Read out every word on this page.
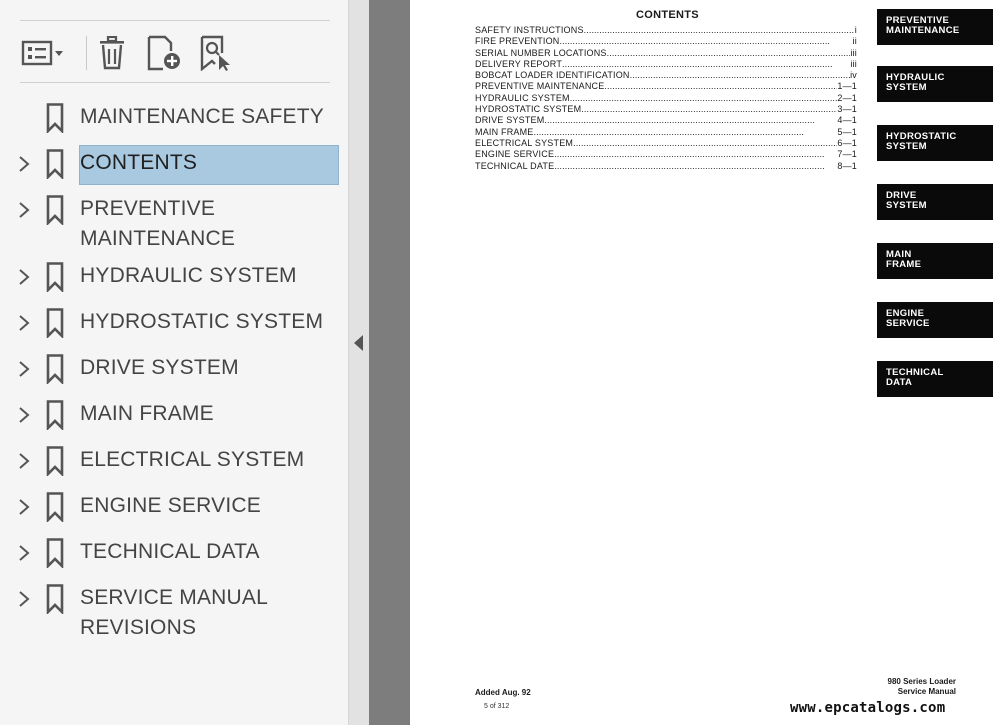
MAINTENANCE SAFETY
CONTENTS
PREVENTIVE
MAINTENANCE
HYDRAULIC SYSTEM
HYDROSTATIC SYSTEM
DRIVE SYSTEM
MAIN FRAME
ELECTRICAL SYSTEM
ENGINE SERVICE
TECHNICAL DATA
SERVICE MANUAL
REVISIONS
CONTENTS
SAFETY INSTRUCTIONS . . .	i
FIRE PREVENTION . . .	ii
SERIAL NUMBER LOCATIONS . . .	iii
DELIVERY REPORT . . .	iii
BOBCAT LOADER IDENTIFICATION . . .	iv
PREVENTIVE MAINTENANCE . . .	1—1
HYDRAULIC SYSTEM . . .	2—1
HYDROSTATIC SYSTEM . . .	3—1
DRIVE SYSTEM . . .	4—1
MAIN FRAME . . .	5—1
ELECTRICAL SYSTEM . . .	6—1
ENGINE SERVICE . . .	7—1
TECHNICAL DATE . . .	8—1
PREVENTIVE
MAINTENANCE
HYDRAULIC
SYSTEM
HYDROSTATIC
SYSTEM
DRIVE
SYSTEM
MAIN
FRAME
ENGINE
SERVICE
TECHNICAL
DATA
Added Aug. 92
5 of 312
980 Series Loader
Service Manual
www.epcatalogs.com
